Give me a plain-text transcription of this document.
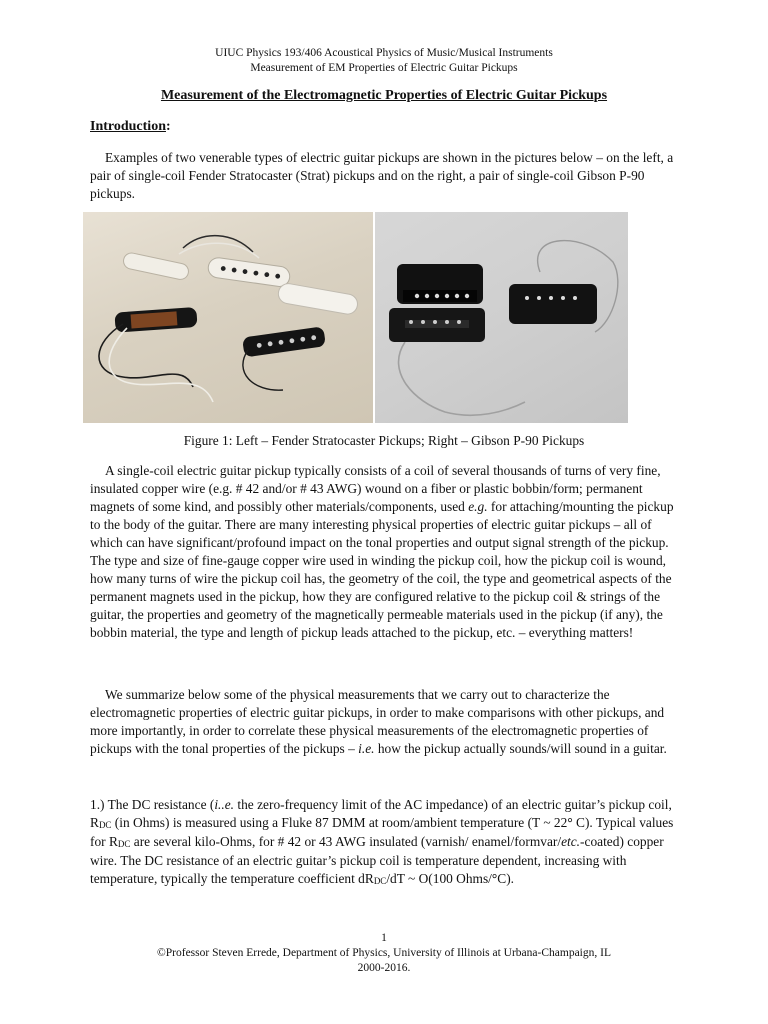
UIUC Physics 193/406 Acoustical Physics of Music/Musical Instruments
Measurement of EM Properties of Electric Guitar Pickups
Measurement of the Electromagnetic Properties of Electric Guitar Pickups
Introduction:
Examples of two venerable types of electric guitar pickups are shown in the pictures below – on the left, a pair of single-coil Fender Stratocaster (Strat) pickups and on the right, a pair of single-coil Gibson P-90 pickups.
Figure 1: Left – Fender Stratocaster Pickups; Right – Gibson P-90 Pickups
A single-coil electric guitar pickup typically consists of a coil of several thousands of turns of very fine, insulated copper wire (e.g. # 42 and/or # 43 AWG) wound on a fiber or plastic bobbin/form; permanent magnets of some kind, and possibly other materials/components, used e.g. for attaching/mounting the pickup to the body of the guitar. There are many interesting physical properties of electric guitar pickups – all of which can have significant/profound impact on the tonal properties and output signal strength of the pickup. The type and size of fine-gauge copper wire used in winding the pickup coil, how the pickup coil is wound, how many turns of wire the pickup coil has, the geometry of the coil, the type and geometrical aspects of the permanent magnets used in the pickup, how they are configured relative to the pickup coil & strings of the guitar, the properties and geometry of the magnetically permeable materials used in the pickup (if any), the bobbin material, the type and length of pickup leads attached to the pickup, etc. – everything matters!
We summarize below some of the physical measurements that we carry out to characterize the electromagnetic properties of electric guitar pickups, in order to make comparisons with other pickups, and more importantly, in order to correlate these physical measurements of the electromagnetic properties of pickups with the tonal properties of the pickups – i.e. how the pickup actually sounds/will sound in a guitar.
1.) The DC resistance (i..e. the zero-frequency limit of the AC impedance) of an electric guitar’s pickup coil, $R_{DC}$ (in Ohms) is measured using a Fluke 87 DMM at room/ambient temperature (T ~ 22° C). Typical values for $R_{DC}$ are several kilo-Ohms, for # 42 or 43 AWG insulated (varnish/ enamel/formvar/etc.-coated) copper wire. The DC resistance of an electric guitar’s pickup coil is temperature dependent, increasing with temperature, typically the temperature coefficient $dR_{DC}/dT$ ~ O(100 Ohms/°C).
1
©Professor Steven Errede, Department of Physics, University of Illinois at Urbana-Champaign, IL
2000-2016.
